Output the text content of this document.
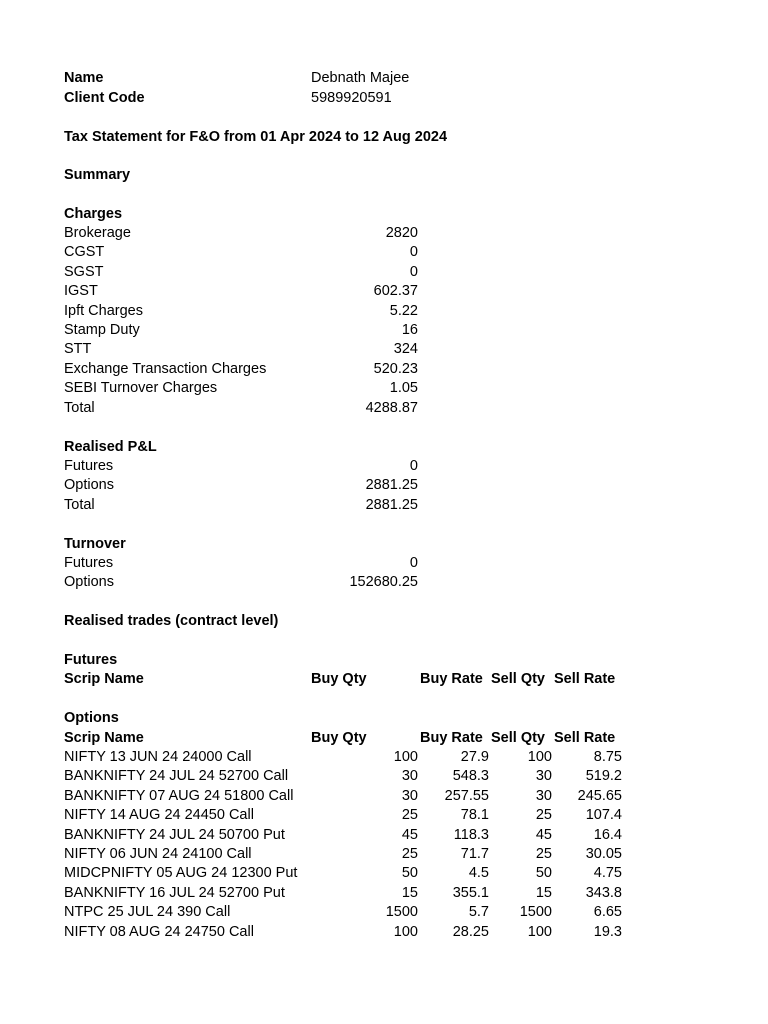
Name	Debnath Majee
Client Code	5989920591
Tax Statement for F&O from 01 Apr 2024 to 12 Aug 2024
Summary
Charges
Brokerage	2820
CGST	0
SGST	0
IGST	602.37
Ipft Charges	5.22
Stamp Duty	16
STT	324
Exchange Transaction Charges	520.23
SEBI Turnover Charges	1.05
Total	4288.87
Realised P&L
Futures	0
Options	2881.25
Total	2881.25
Turnover
Futures	0
Options	152680.25
Realised trades (contract level)
Futures
Scrip Name	Buy Qty	Buy Rate Sell Qty Sell Rate
Options
Scrip Name	Buy Qty	Buy Rate Sell Qty Sell Rate
NIFTY 13 JUN 24 24000 Call	100	27.9	100	8.75
BANKNIFTY 24 JUL 24 52700 Call	30	548.3	30	519.2
BANKNIFTY 07 AUG 24 51800 Call	30	257.55	30	245.65
NIFTY 14 AUG 24 24450 Call	25	78.1	25	107.4
BANKNIFTY 24 JUL 24 50700 Put	45	118.3	45	16.4
NIFTY 06 JUN 24 24100 Call	25	71.7	25	30.05
MIDCPNIFTY 05 AUG 24 12300 Put	50	4.5	50	4.75
BANKNIFTY 16 JUL 24 52700 Put	15	355.1	15	343.8
NTPC 25 JUL 24 390 Call	1500	5.7	1500	6.65
NIFTY 08 AUG 24 24750 Call	100	28.25	100	19.3
